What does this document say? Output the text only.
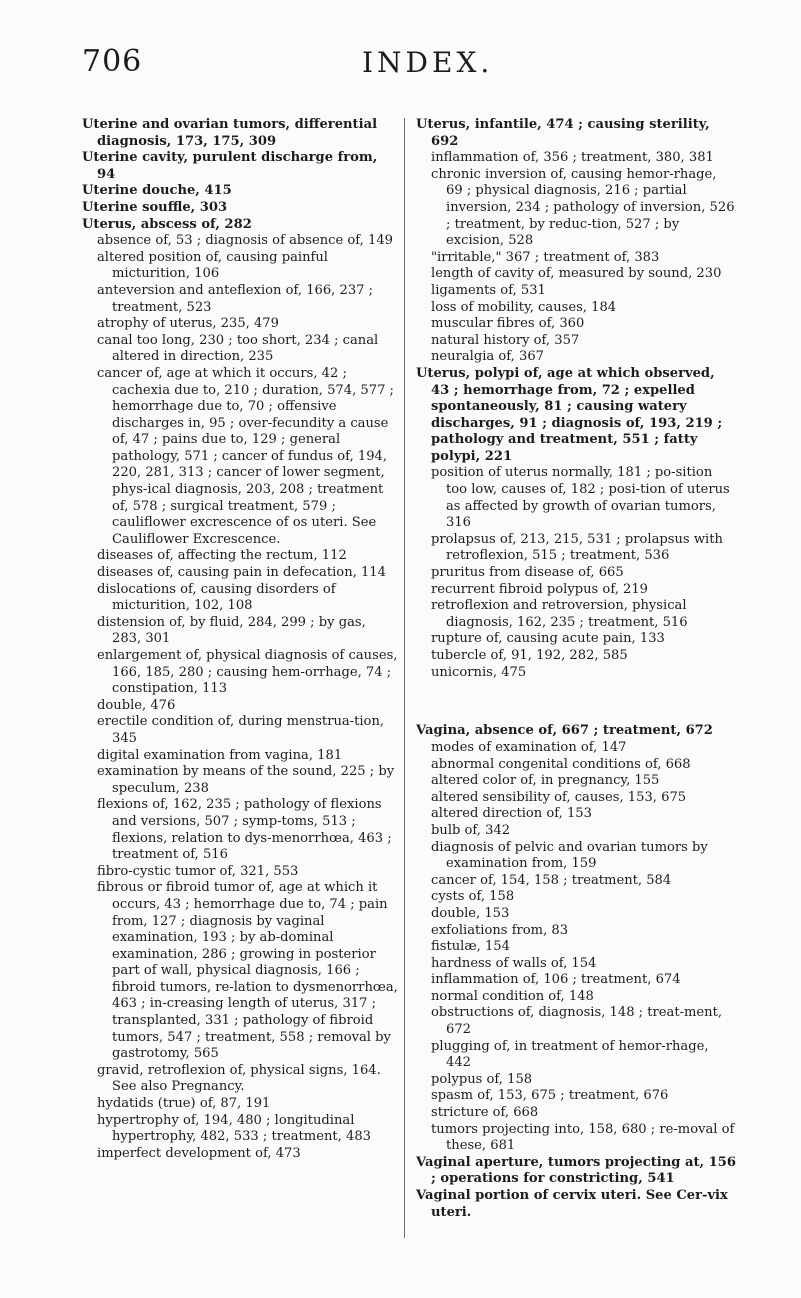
706	INDEX.

Uterine and ovarian tumors, differential diagnosis, 173, 175, 309

Uterine cavity, purulent discharge from, 94

Uterine douche, 415

Uterine souffle, 303

Uterus, abscess of, 282

absence of, 53 ; diagnosis of absence of, 149

altered position of, causing painful micturition, 106

anteversion and anteflexion of, 166, 237 ; treatment, 523

atrophy of uterus, 235, 479

canal too long, 230 ; too short, 234 ; canal altered in direction, 235

cancer of, age at which it occurs, 42 ; cachexia due to, 210 ; duration, 574, 577 ; hemorrhage due to, 70 ; offensive discharges in, 95 ; over-fecundity a cause of, 47 ; pains due to, 129 ; general pathology, 571 ; cancer of fundus of, 194, 220, 281, 313 ; cancer of lower segment, phys-ical diagnosis, 203, 208 ; treatment of, 578 ; surgical treatment, 579 ; cauliflower excrescence of os uteri. See Cauliflower Excrescence.

diseases of, affecting the rectum, 112

diseases of, causing pain in defecation, 114

dislocations of, causing disorders of micturition, 102, 108

distension of, by fluid, 284, 299 ; by gas, 283, 301

enlargement of, physical diagnosis of causes, 166, 185, 280 ; causing hem-orrhage, 74 ; constipation, 113

double, 476

erectile condition of, during menstrua-tion, 345

digital examination from vagina, 181

examination by means of the sound, 225 ; by speculum, 238

flexions of, 162, 235 ; pathology of flexions and versions, 507 ; symp-toms, 513 ; flexions, relation to dys-menorrhœa, 463 ; treatment of, 516

fibro-cystic tumor of, 321, 553

fibrous or fibroid tumor of, age at which it occurs, 43 ; hemorrhage due to, 74 ; pain from, 127 ; diagnosis by vaginal examination, 193 ; by ab-dominal examination, 286 ; growing in posterior part of wall, physical diagnosis, 166 ; fibroid tumors, re-lation to dysmenorrhœa, 463 ; in-creasing length of uterus, 317 ; transplanted, 331 ; pathology of fibroid tumors, 547 ; treatment, 558 ; removal by gastrotomy, 565

gravid, retroflexion of, physical signs, 164. See also Pregnancy.

hydatids (true) of, 87, 191

hypertrophy of, 194, 480 ; longitudinal hypertrophy, 482, 533 ; treatment, 483

imperfect development of, 473

Uterus, infantile, 474 ; causing sterility, 692

inflammation of, 356 ; treatment, 380, 381

chronic inversion of, causing hemor-rhage, 69 ; physical diagnosis, 216 ; partial inversion, 234 ; pathology of inversion, 526 ; treatment, by reduc-tion, 527 ; by excision, 528

"irritable," 367 ; treatment of, 383

length of cavity of, measured by sound, 230

ligaments of, 531

loss of mobility, causes, 184

muscular fibres of, 360

natural history of, 357

neuralgia of, 367

Uterus, polypi of, age at which observed, 43 ; hemorrhage from, 72 ; expelled spontaneously, 81 ; causing watery discharges, 91 ; diagnosis of, 193, 219 ; pathology and treatment, 551 ; fatty polypi, 221

position of uterus normally, 181 ; po-sition too low, causes of, 182 ; posi-tion of uterus as affected by growth of ovarian tumors, 316

prolapsus of, 213, 215, 531 ; prolapsus with retroflexion, 515 ; treatment, 536

pruritus from disease of, 665

recurrent fibroid polypus of, 219

retroflexion and retroversion, physical diagnosis, 162, 235 ; treatment, 516

rupture of, causing acute pain, 133

tubercle of, 91, 192, 282, 585

unicornis, 475

Vagina, absence of, 667 ; treatment, 672

modes of examination of, 147

abnormal congenital conditions of, 668

altered color of, in pregnancy, 155

altered sensibility of, causes, 153, 675

altered direction of, 153

bulb of, 342

diagnosis of pelvic and ovarian tumors by examination from, 159

cancer of, 154, 158 ; treatment, 584

cysts of, 158

double, 153

exfoliations from, 83

fistulæ, 154

hardness of walls of, 154

inflammation of, 106 ; treatment, 674

normal condition of, 148

obstructions of, diagnosis, 148 ; treat-ment, 672

plugging of, in treatment of hemor-rhage, 442

polypus of, 158

spasm of, 153, 675 ; treatment, 676

stricture of, 668

tumors projecting into, 158, 680 ; re-moval of these, 681

Vaginal aperture, tumors projecting at, 156 ; operations for constricting, 541

Vaginal portion of cervix uteri. See Cer-vix uteri.
